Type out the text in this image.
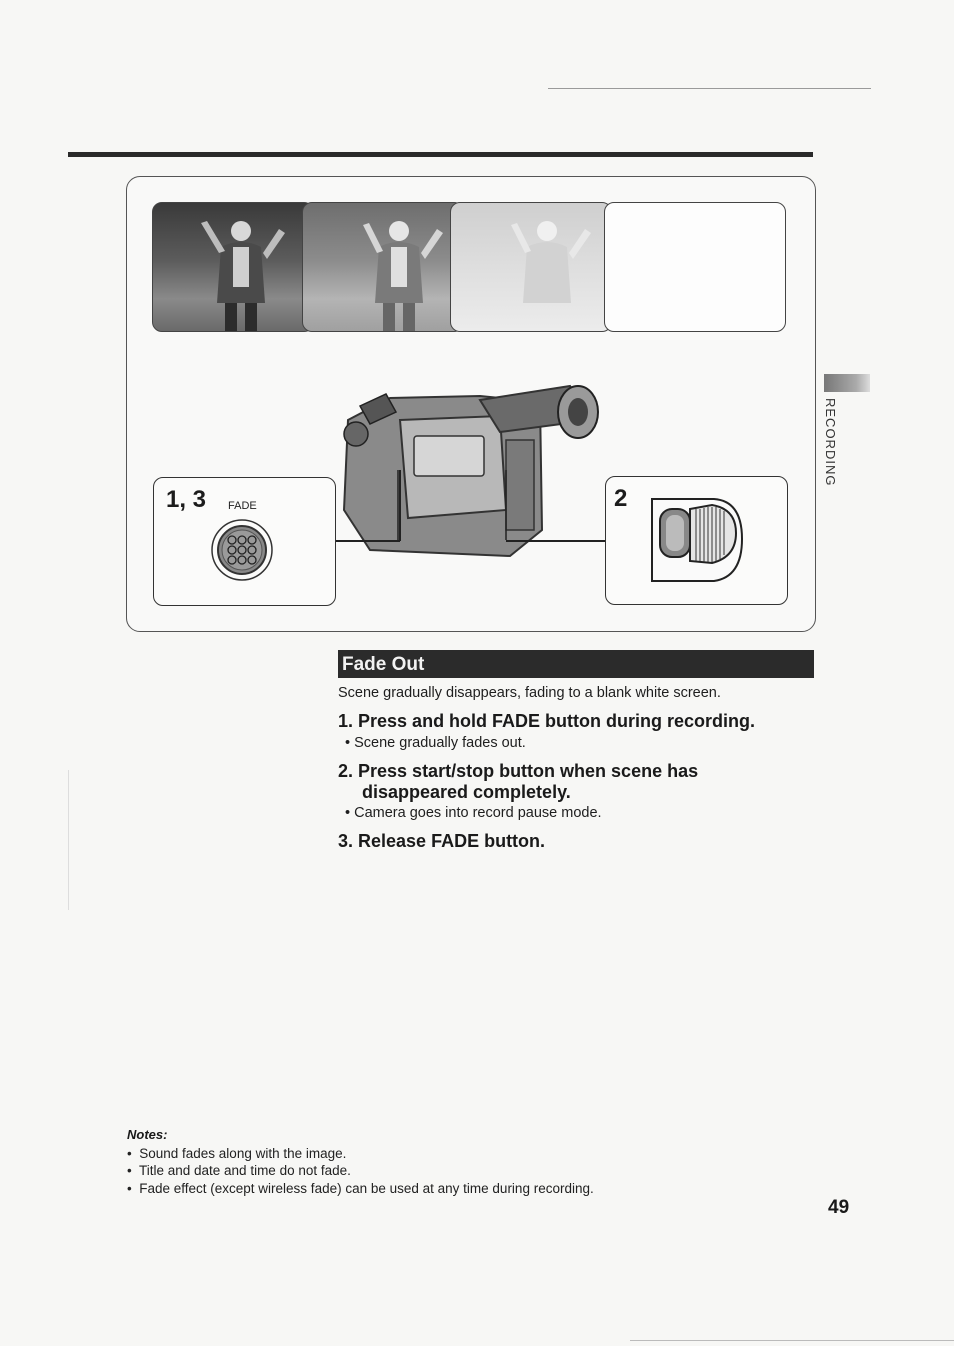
1, 3 FADE	2
RECORDING
Fade Out
Scene gradually disappears, fading to a blank white screen.
1. Press and hold FADE button during recording.
• Scene gradually fades out.
2. Press start/stop button when scene has
disappeared completely.
• Camera goes into record pause mode.
3. Release FADE button.
Notes:
•  Sound fades along with the image.
•  Title and date and time do not fade.
•  Fade effect (except wireless fade) can be used at any time during recording.
49
